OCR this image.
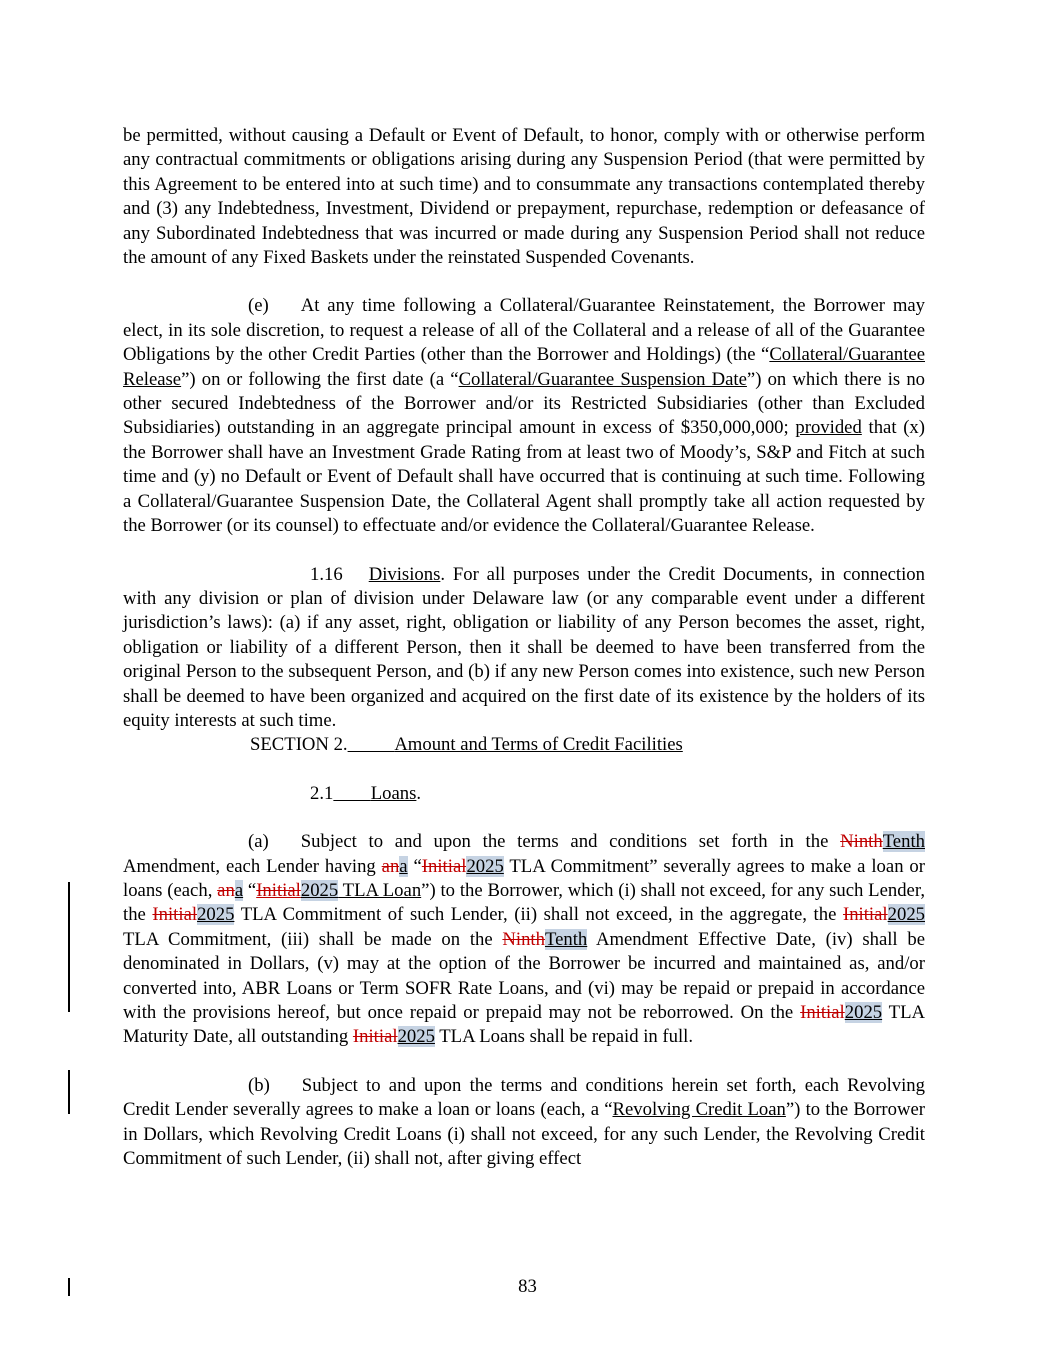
be permitted, without causing a Default or Event of Default, to honor, comply with or otherwise perform any contractual commitments or obligations arising during any Suspension Period (that were permitted by this Agreement to be entered into at such time) and to consummate any transactions contemplated thereby and (3) any Indebtedness, Investment, Dividend or prepayment, repurchase, redemption or defeasance of any Subordinated Indebtedness that was incurred or made during any Suspension Period shall not reduce the amount of any Fixed Baskets under the reinstated Suspended Covenants.

(e) At any time following a Collateral/Guarantee Reinstatement, the Borrower may elect, in its sole discretion, to request a release of all of the Collateral and a release of all of the Guarantee Obligations by the other Credit Parties (other than the Borrower and Holdings) (the “Collateral/Guarantee Release”) on or following the first date (a “Collateral/Guarantee Suspension Date”) on which there is no other secured Indebtedness of the Borrower and/or its Restricted Subsidiaries (other than Excluded Subsidiaries) outstanding in an aggregate principal amount in excess of $350,000,000; provided that (x) the Borrower shall have an Investment Grade Rating from at least two of Moody’s, S&P and Fitch at such time and (y) no Default or Event of Default shall have occurred that is continuing at such time. Following a Collateral/Guarantee Suspension Date, the Collateral Agent shall promptly take all action requested by the Borrower (or its counsel) to effectuate and/or evidence the Collateral/Guarantee Release.

1.16 Divisions. For all purposes under the Credit Documents, in connection with any division or plan of division under Delaware law (or any comparable event under a different jurisdiction’s laws): (a) if any asset, right, obligation or liability of any Person becomes the asset, right, obligation or liability of a different Person, then it shall be deemed to have been transferred from the original Person to the subsequent Person, and (b) if any new Person comes into existence, such new Person shall be deemed to have been organized and acquired on the first date of its existence by the holders of its equity interests at such time.

SECTION 2. Amount and Terms of Credit Facilities

2.1 Loans.

(a) Subject to and upon the terms and conditions set forth in the NinthTenth Amendment, each Lender having ana “Initial2025 TLA Commitment” severally agrees to make a loan or loans (each, ana “Initial2025 TLA Loan”) to the Borrower, which (i) shall not exceed, for any such Lender, the Initial2025 TLA Commitment of such Lender, (ii) shall not exceed, in the aggregate, the Initial2025 TLA Commitment, (iii) shall be made on the NinthTenth Amendment Effective Date, (iv) shall be denominated in Dollars, (v) may at the option of the Borrower be incurred and maintained as, and/or converted into, ABR Loans or Term SOFR Rate Loans, and (vi) may be repaid or prepaid in accordance with the provisions hereof, but once repaid or prepaid may not be reborrowed. On the Initial2025 TLA Maturity Date, all outstanding Initial2025 TLA Loans shall be repaid in full.

(b) Subject to and upon the terms and conditions herein set forth, each Revolving Credit Lender severally agrees to make a loan or loans (each, a “Revolving Credit Loan”) to the Borrower in Dollars, which Revolving Credit Loans (i) shall not exceed, for any such Lender, the Revolving Credit Commitment of such Lender, (ii) shall not, after giving effect

83
